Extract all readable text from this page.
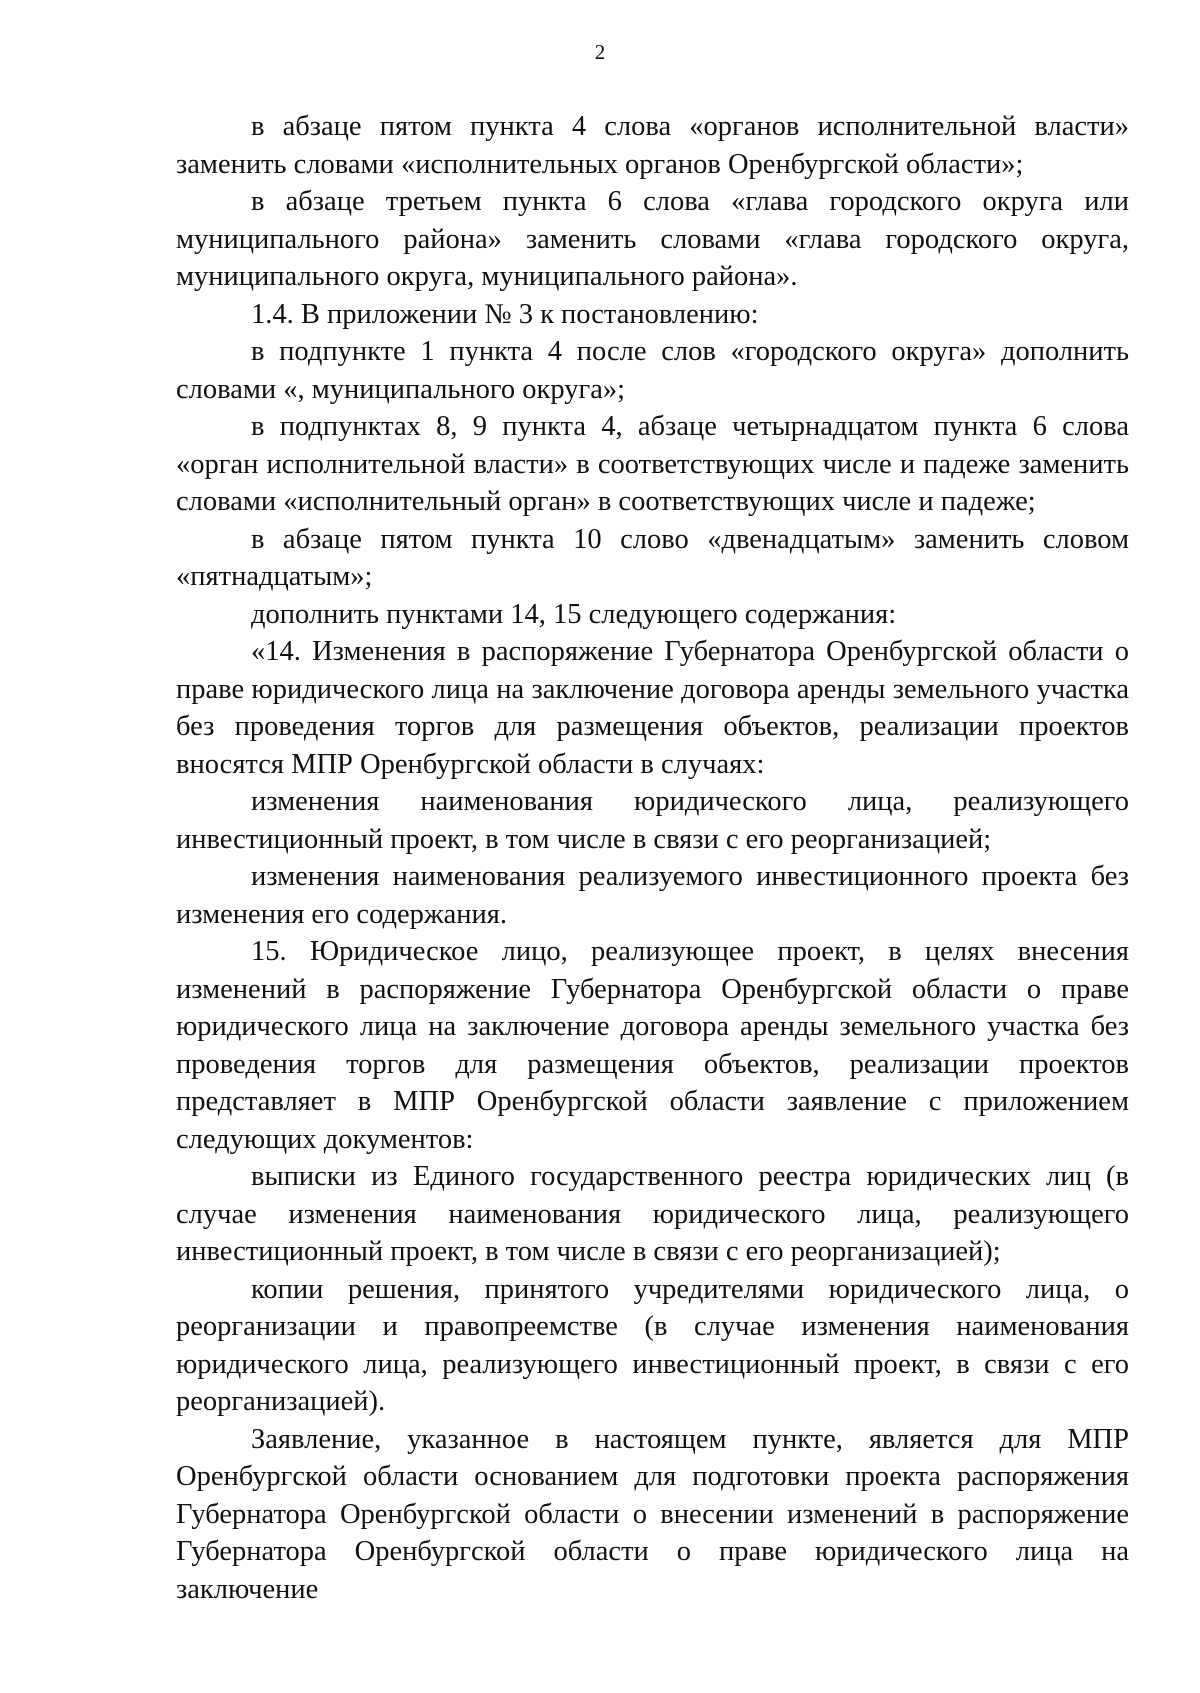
2

в абзаце пятом пункта 4 слова «органов исполнительной власти» заменить словами «исполнительных органов Оренбургской области»;

в абзаце третьем пункта 6 слова «глава городского округа или муниципального района» заменить словами «глава городского округа, муниципального округа, муниципального района».

1.4. В приложении № 3 к постановлению:

в подпункте 1 пункта 4 после слов «городского округа» дополнить словами «, муниципального округа»;

в подпунктах 8, 9 пункта 4, абзаце четырнадцатом пункта 6 слова «орган исполнительной власти» в соответствующих числе и падеже заменить словами «исполнительный орган» в соответствующих числе и падеже;

в абзаце пятом пункта 10 слово «двенадцатым» заменить словом «пятнадцатым»;

дополнить пунктами 14, 15 следующего содержания:

«14. Изменения в распоряжение Губернатора Оренбургской области о праве юридического лица на заключение договора аренды земельного участка без проведения торгов для размещения объектов, реализации проектов вносятся МПР Оренбургской области в случаях:

изменения наименования юридического лица, реализующего инвестиционный проект, в том числе в связи с его реорганизацией;

изменения наименования реализуемого инвестиционного проекта без изменения его содержания.

15. Юридическое лицо, реализующее проект, в целях внесения изменений в распоряжение Губернатора Оренбургской области о праве юридического лица на заключение договора аренды земельного участка без проведения торгов для размещения объектов, реализации проектов представляет в МПР Оренбургской области заявление с приложением следующих документов:

выписки из Единого государственного реестра юридических лиц (в случае изменения наименования юридического лица, реализующего инвестиционный проект, в том числе в связи с его реорганизацией);

копии решения, принятого учредителями юридического лица, о реорганизации и правопреемстве (в случае изменения наименования юридического лица, реализующего инвестиционный проект, в связи с его реорганизацией).

Заявление, указанное в настоящем пункте, является для МПР Оренбургской области основанием для подготовки проекта распоряжения Губернатора Оренбургской области о внесении изменений в распоряжение Губернатора Оренбургской области о праве юридического лица на заключение
